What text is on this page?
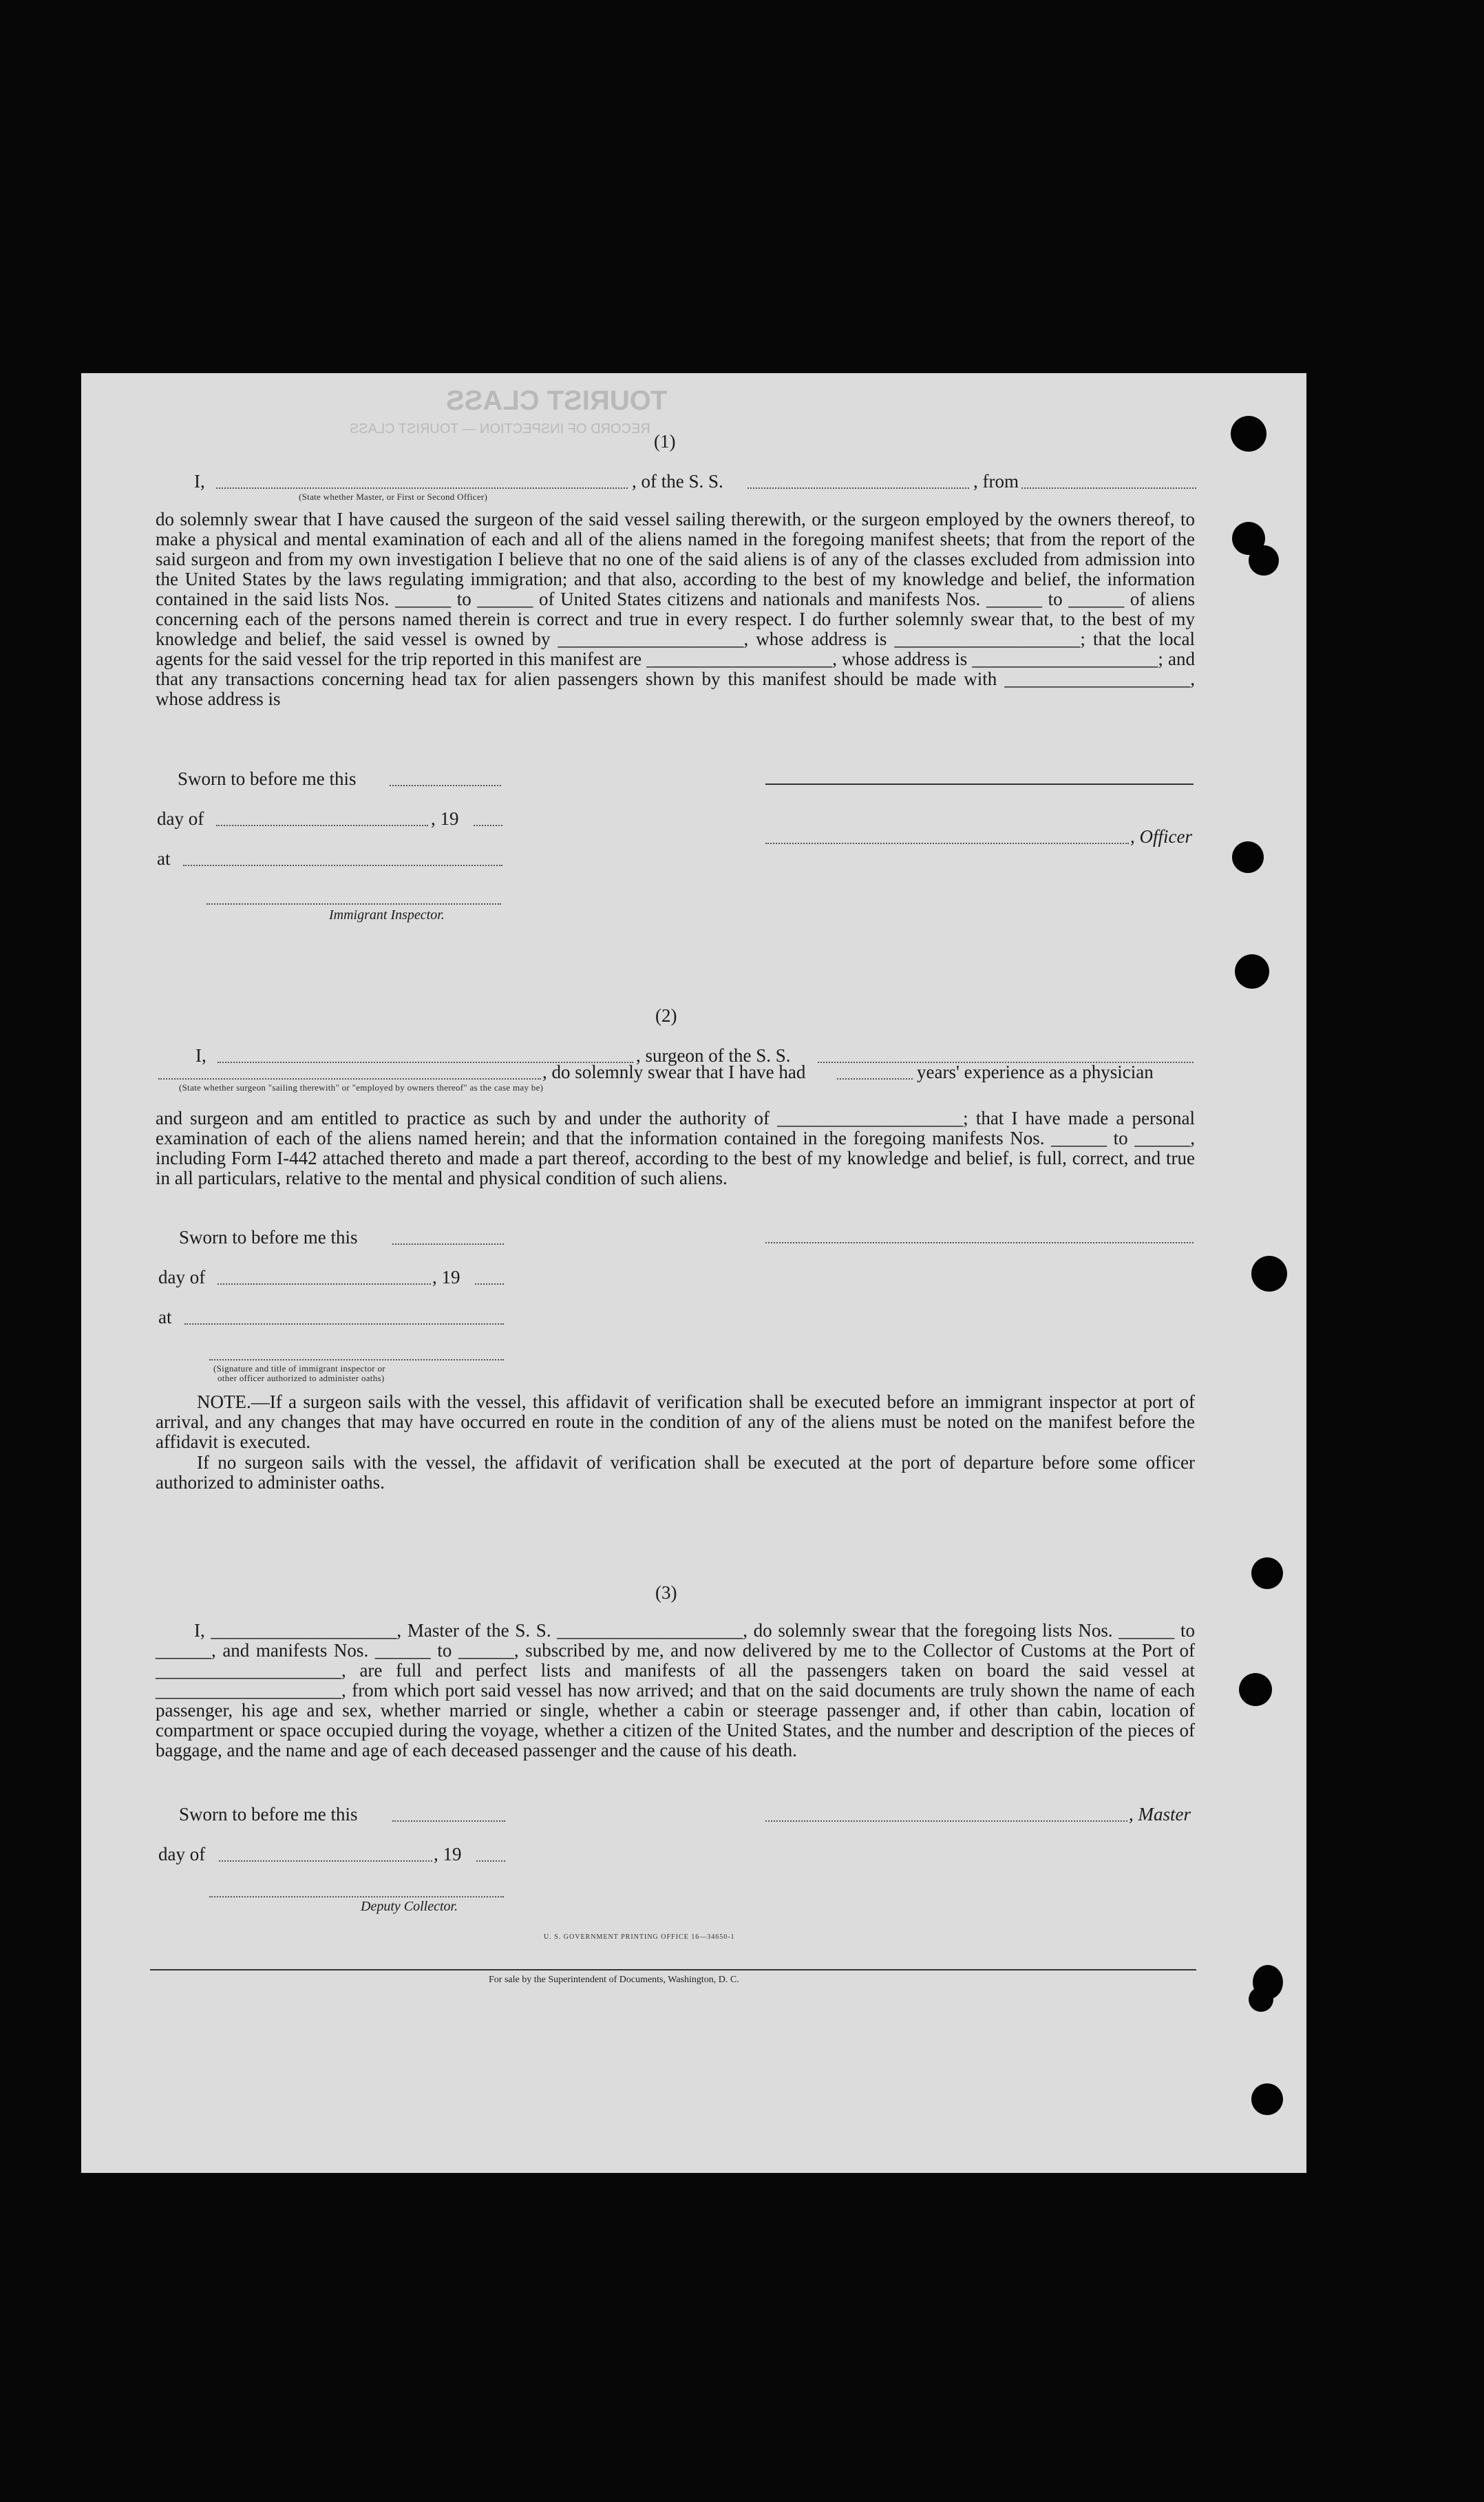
TOURIST CLASS
RECORD OF INSPECTION — TOURIST CLASS
(1)
I,	, of the S. S.	, from
(State whether Master, or First or Second Officer)
do solemnly swear that I have caused the surgeon of the said vessel sailing therewith, or the surgeon employed by the owners thereof, to make a physical and mental examination of each and all of the aliens named in the foregoing manifest sheets; that from the report of the said surgeon and from my own investigation I believe that no one of the said aliens is of any of the classes excluded from admission into the United States by the laws regulating immigration; and that also, according to the best of my knowledge and belief, the information contained in the said lists Nos. ______ to ______ of United States citizens and nationals and manifests Nos. ______ to ______ of aliens concerning each of the persons named therein is correct and true in every respect. I do further solemnly swear that, to the best of my knowledge and belief, the said vessel is owned by ____________________, whose address is ____________________; that the local agents for the said vessel for the trip reported in this manifest are ____________________, whose address is ____________________; and that any transactions concerning head tax for alien passengers shown by this manifest should be made with ____________________, whose address is
Sworn to before me this
day of	, 19
, Officer
at
Immigrant Inspector.
(2)
I,	, surgeon of the S. S.
, do solemnly swear that I have had	years' experience as a physician
(State whether surgeon "sailing therewith" or "employed by owners thereof" as the case may be)
and surgeon and am entitled to practice as such by and under the authority of ____________________; that I have made a personal examination of each of the aliens named herein; and that the information contained in the foregoing manifests Nos. ______ to ______, including Form I-442 attached thereto and made a part thereof, according to the best of my knowledge and belief, is full, correct, and true in all particulars, relative to the mental and physical condition of such aliens.
Sworn to before me this
day of	, 19
at
(Signature and title of immigrant inspector or
other officer authorized to administer oaths)
NOTE.—If a surgeon sails with the vessel, this affidavit of verification shall be executed before an immigrant inspector at port of arrival, and any changes that may have occurred en route in the condition of any of the aliens must be noted on the manifest before the affidavit is executed.
If no surgeon sails with the vessel, the affidavit of verification shall be executed at the port of departure before some officer authorized to administer oaths.
(3)
I, ____________________, Master of the S. S. ____________________, do solemnly swear that the foregoing lists Nos. ______ to ______, and manifests Nos. ______ to ______, subscribed by me, and now delivered by me to the Collector of Customs at the Port of ____________________, are full and perfect lists and manifests of all the passengers taken on board the said vessel at ____________________, from which port said vessel has now arrived; and that on the said documents are truly shown the name of each passenger, his age and sex, whether married or single, whether a cabin or steerage passenger and, if other than cabin, location of compartment or space occupied during the voyage, whether a citizen of the United States, and the number and description of the pieces of baggage, and the name and age of each deceased passenger and the cause of his death.
Sworn to before me this	, Master
day of	, 19
Deputy Collector.
U. S. GOVERNMENT PRINTING OFFICE 16—34650-1
For sale by the Superintendent of Documents, Washington, D. C.
